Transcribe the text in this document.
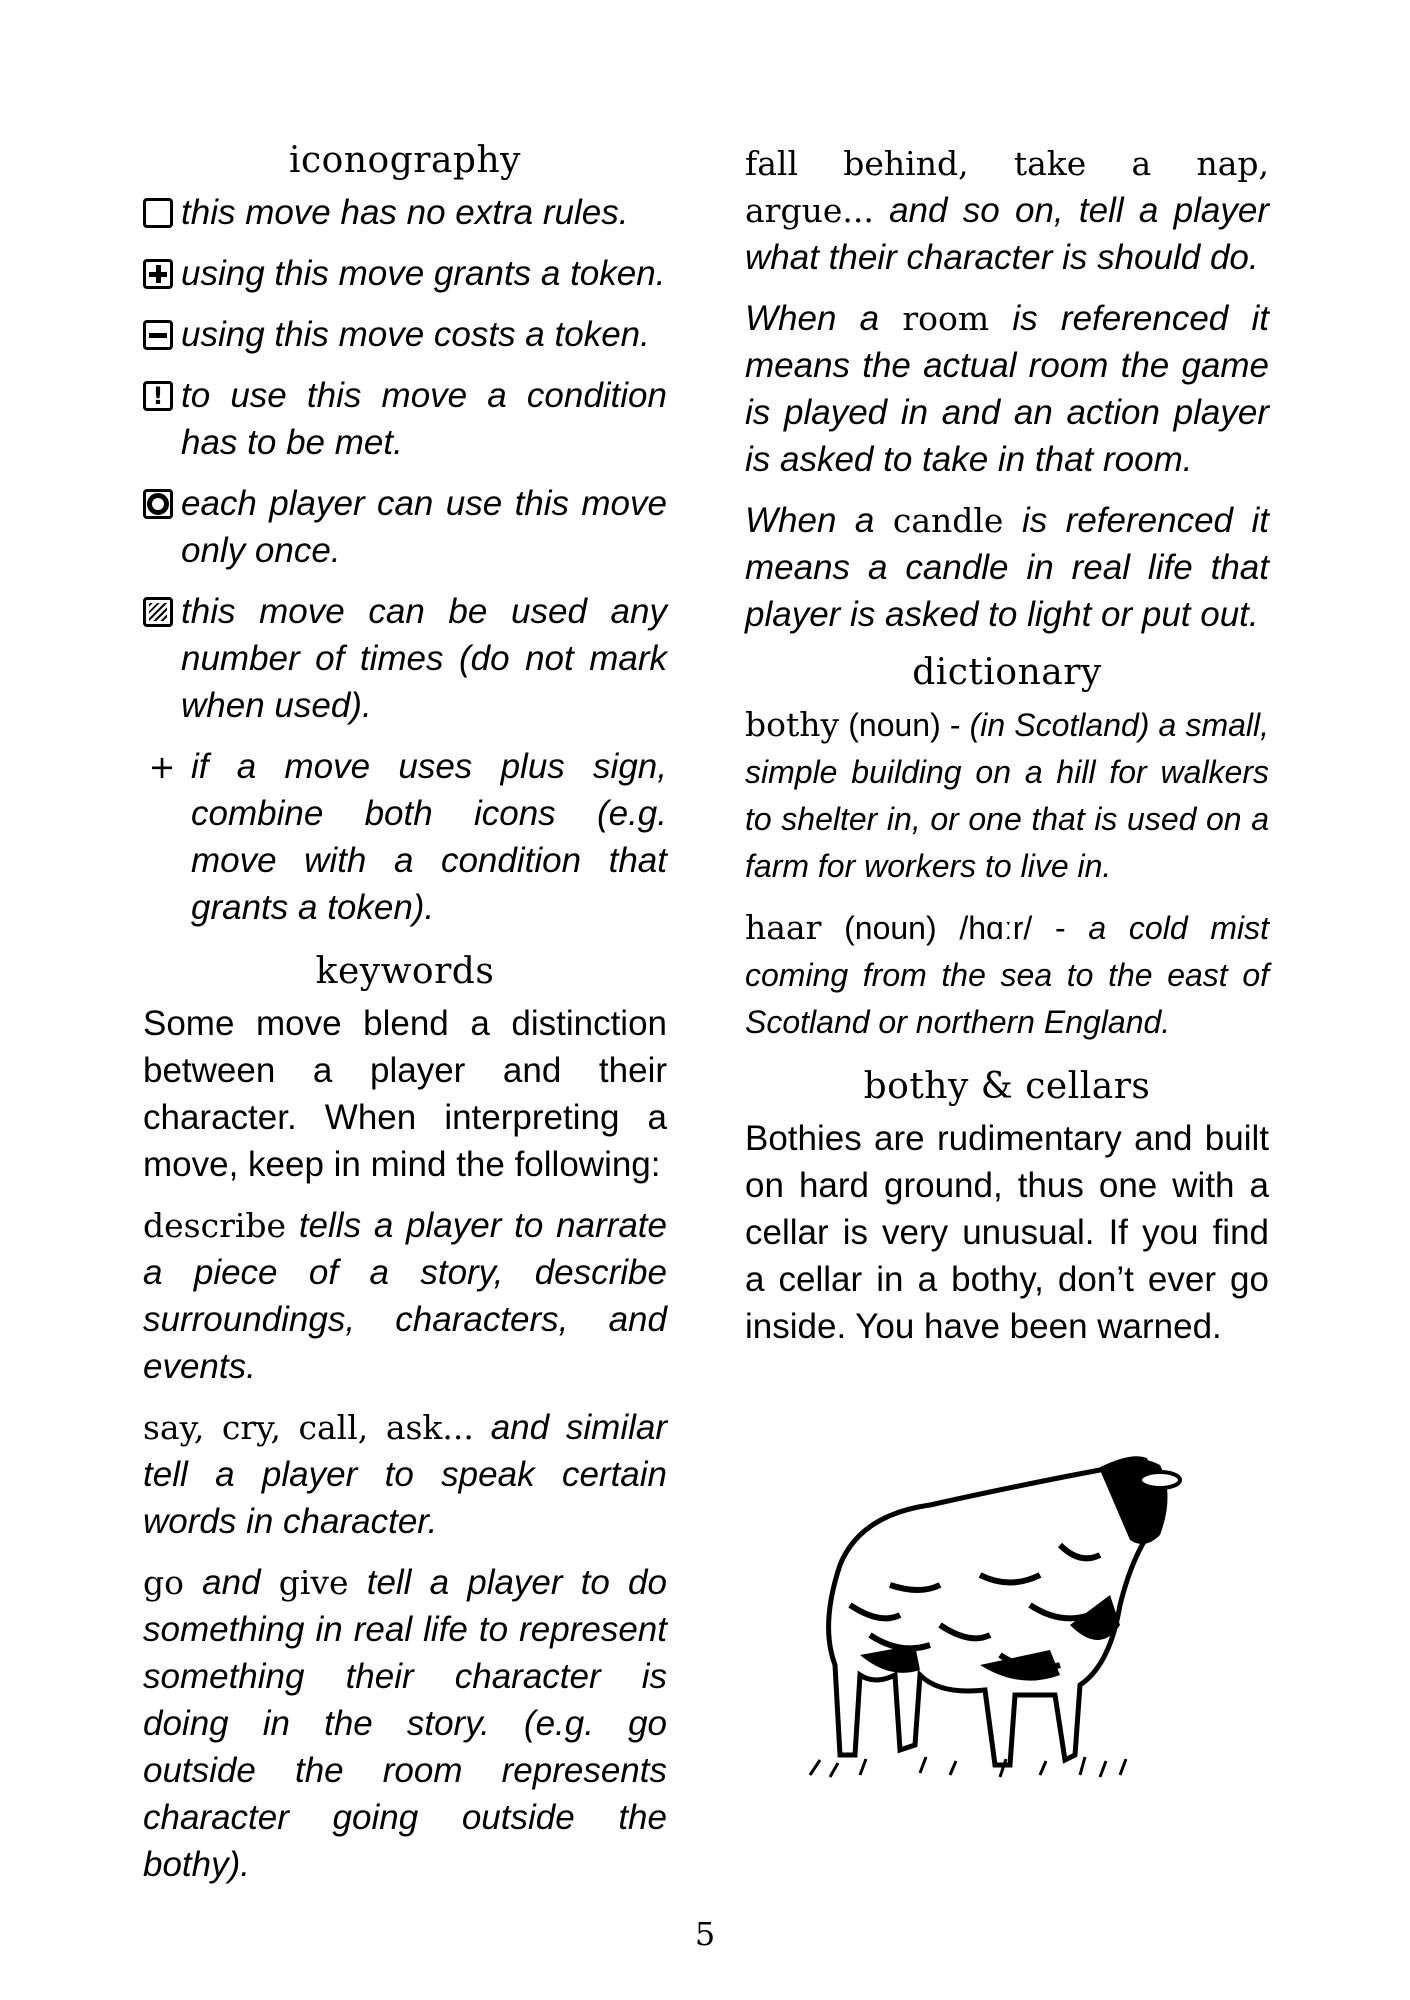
iconography
this move has no extra rules.
using this move grants a token.
using this move costs a token.
! to use this move a condition has to be met.
each player can use this move only once.
this move can be used any number of times (do not mark when used).
+ if a move uses plus sign, combine both icons (e.g. move with a condition that grants a token).
keywords

Some move blend a distinction between a player and their character. When interpreting a move, keep in mind the following:

describe tells a player to narrate a piece of a story, describe surroundings, characters, and events.

say, cry, call, ask... and similar tell a player to speak certain words in character.

go and give tell a player to do something in real life to represent something their character is doing in the story. (e.g. go outside the room represents character going outside the bothy).

fall behind, take a nap, argue... and so on, tell a player what their character is should do.

When a room is referenced it means the actual room the game is played in and an action player is asked to take in that room.

When a candle is referenced it means a candle in real life that player is asked to light or put out.

dictionary

bothy (noun) - (in Scotland) a small, simple building on a hill for walkers to shelter in, or one that is used on a farm for workers to live in.

haar (noun) /hɑːr/ - a cold mist coming from the sea to the east of Scotland or northern England.

bothy & cellars

Bothies are rudimentary and built on hard ground, thus one with a cellar is very unusual. If you find a cellar in a bothy, don’t ever go inside. You have been warned.

5
